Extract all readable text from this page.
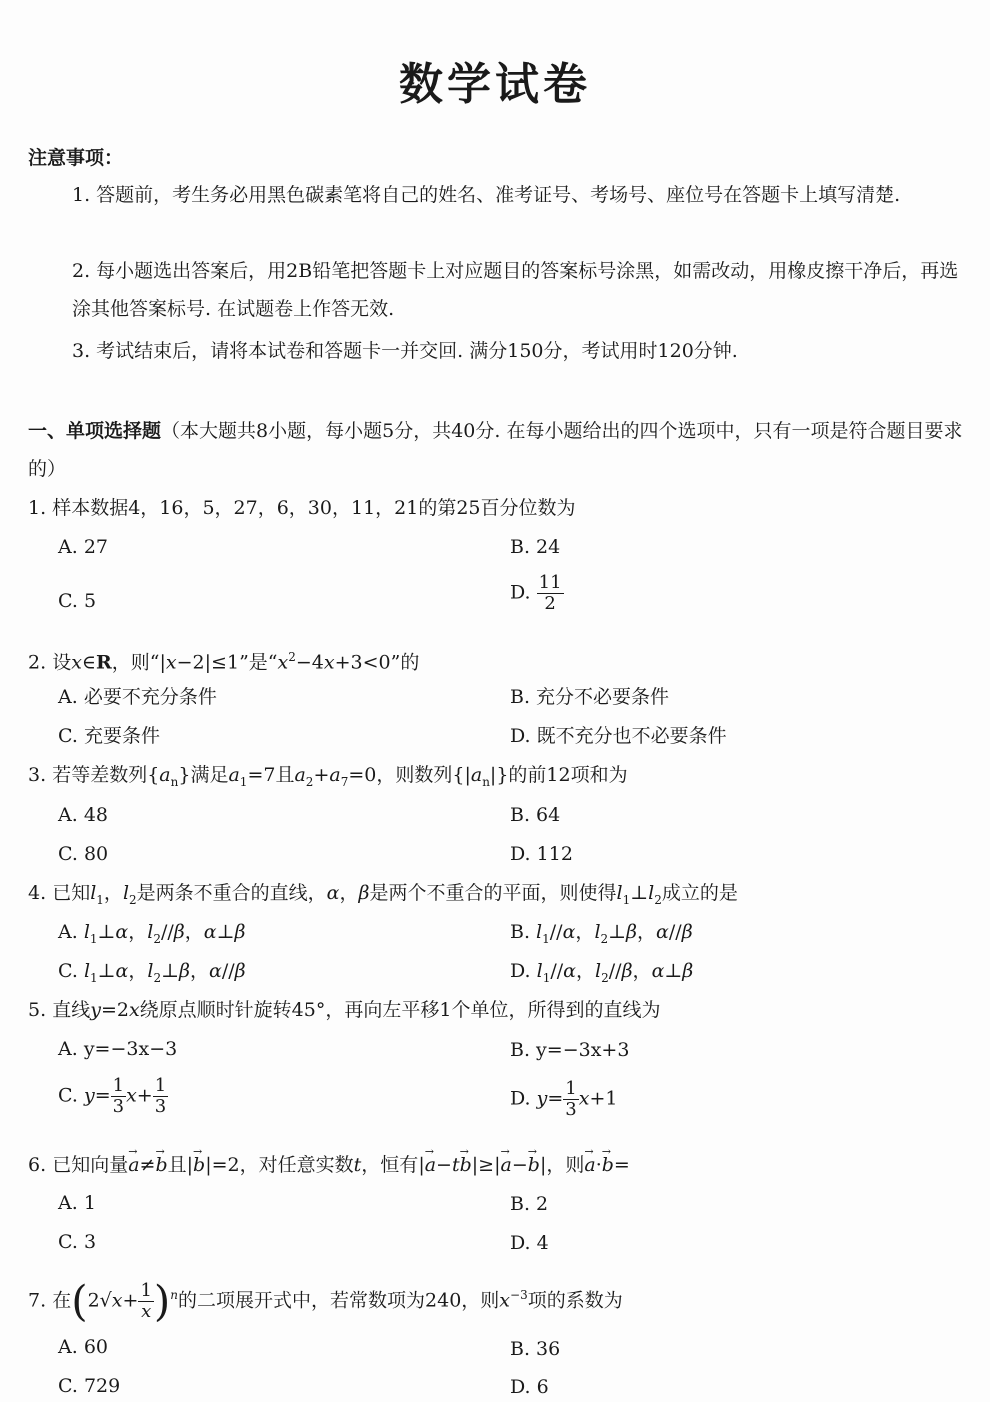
数学试卷
注意事项：
1. 答题前，考生务必用黑色碳素笔将自己的姓名、准考证号、考场号、座位号在答题卡上填写清楚.
2. 每小题选出答案后，用2B铅笔把答题卡上对应题目的答案标号涂黑，如需改动，用橡皮擦干净后，再选涂其他答案标号. 在试题卷上作答无效.
3. 考试结束后，请将本试卷和答题卡一并交回. 满分150分，考试用时120分钟.
一、单项选择题（本大题共8小题，每小题5分，共40分. 在每小题给出的四个选项中，只有一项是符合题目要求的）
1. 样本数据4，16，5，27，6，30，11，21的第25百分位数为
A. 27	B. 24
C. 5	D. $\frac{11}{2}$
2. 设x∈R，则“|x−2|≤1”是“$x^2-4x+3<0$”的
A. 必要不充分条件	B. 充分不必要条件
C. 充要条件	D. 既不充分也不必要条件
3. 若等差数列$\{a_n\}$满足$a_1=7$且$a_2+a_7=0$，则数列$\{|a_n|\}$的前12项和为
A. 48	B. 64
C. 80	D. 112
4. 已知$l_1$，$l_2$是两条不重合的直线，α，β是两个不重合的平面，则使得$l_1\perp l_2$成立的是
A. $l_1\perp\alpha$，$l_2//\beta$，α⊥β	B. $l_1//\alpha$，$l_2\perp\beta$，α//β
C. $l_1\perp\alpha$，$l_2\perp\beta$，α//β	D. $l_1//\alpha$，$l_2//\beta$，α⊥β
5. 直线y=2x绕原点顺时针旋转45°，再向左平移1个单位，所得到的直线为
A. y=−3x−3	B. y=−3x+3
C. $y= \frac{1}{3} x+ \frac{1}{3}$	D. $y= \frac{1}{3} x+1$
6. 已知向量→ a≠→ b且|→ b|=2，对任意实数t，恒有|→ a−t→ b|≥|→ a−→ b|，则→ a·→ b=
A. 1	B. 2
C. 3	D. 4
7. 在$(2√x+ \frac{1}{x} )^n$的二项展开式中，若常数项为240，则$x^{-3}$项的系数为
A. 60	B. 36
C. 729	D. 6
